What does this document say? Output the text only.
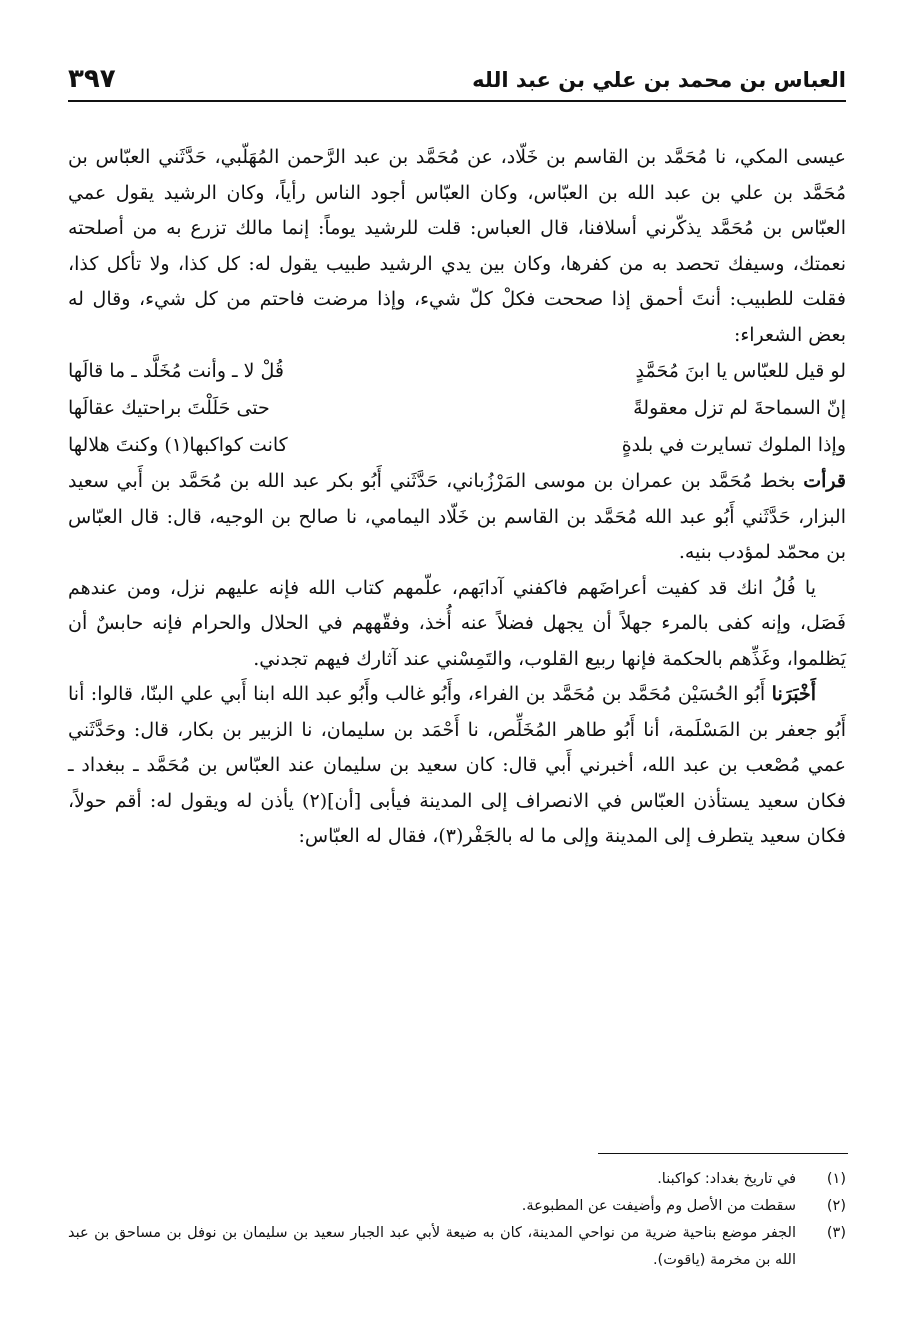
العباس بن محمد بن علي بن عبد الله
٣٩٧

عيسى المكي، نا مُحَمَّد بن القاسم بن خَلّاد، عن مُحَمَّد بن عبد الرَّحمن المُهَلّبي، حَدَّثَني العبّاس بن مُحَمَّد بن علي بن عبد الله بن العبّاس، وكان العبّاس أجود الناس رأياً، وكان الرشيد يقول عمي العبّاس بن مُحَمَّد يذكّرني أسلافنا، قال العباس: قلت للرشيد يوماً: إنما مالك تزرع به من أصلحته نعمتك، وسيفك تحصد به من كفرها، وكان بين يدي الرشيد طبيب يقول له: كل كذا، ولا تأكل كذا، فقلت للطبيب: أنتَ أحمق إذا صححت فكلْ كلّ شيء، وإذا مرضت فاحتم من كل شيء، وقال له بعض الشعراء:

لو قيل للعبّاس يا ابنَ مُحَمَّدٍ
قُلْ لا ـ وأنت مُخَلَّد ـ ما قالَها
إنّ السماحةَ لم تزل معقولةً
حتى حَلَلْتَ براحتيك عقالَها
وإذا الملوك تسايرت في بلدةٍ
كانت كواكبها(١) وكنتَ هلالها

قرأت بخط مُحَمَّد بن عمران بن موسى المَرْزُباني، حَدَّثَني أَبُو بكر عبد الله بن مُحَمَّد بن أَبي سعيد البزار، حَدَّثَني أَبُو عبد الله مُحَمَّد بن القاسم بن خَلّاد اليمامي، نا صالح بن الوجيه، قال: قال العبّاس بن محمّد لمؤدب بنيه.

يا فُلُ انك قد كفيت أعراضَهم فاكفني آدابَهم، علّمهم كتاب الله فإنه عليهم نزل، ومن عندهم فَصَل، وإنه كفى بالمرء جهلاً أن يجهل فضلاً عنه أُخذ، وفقّههم في الحلال والحرام فإنه حابسٌ أن يَظلموا، وغَذِّهم بالحكمة فإنها ربيع القلوب، والتَمِسْني عند آثارك فيهم تجدني.

أَخْبَرَنا أَبُو الحُسَيْن مُحَمَّد بن مُحَمَّد بن الفراء، وأَبُو غالب وأَبُو عبد الله ابنا أَبي علي البنّا، قالوا: أنا أَبُو جعفر بن المَسْلَمة، أنا أَبُو طاهر المُخَلِّص، نا أَحْمَد بن سليمان، نا الزبير بن بكار، قال: وحَدَّثَني عمي مُصْعب بن عبد الله، أخبرني أَبي قال: كان سعيد بن سليمان عند العبّاس بن مُحَمَّد ـ ببغداد ـ فكان سعيد يستأذن العبّاس في الانصراف إلى المدينة فيأبى [أن](٢) يأذن له ويقول له: أقم حولاً، فكان سعيد يتطرف إلى المدينة وإلى ما له بالجَفْر(٣)، فقال له العبّاس:

(١)
في تاريخ بغداد: كواكبنا.
(٢)
سقطت من الأصل وم وأضيفت عن المطبوعة.
(٣)
الجفر موضع بناحية ضرية من نواحي المدينة، كان به ضيعة لأبي عبد الجبار سعيد بن سليمان بن نوفل بن مساحق بن عبد الله بن مخرمة (ياقوت).
